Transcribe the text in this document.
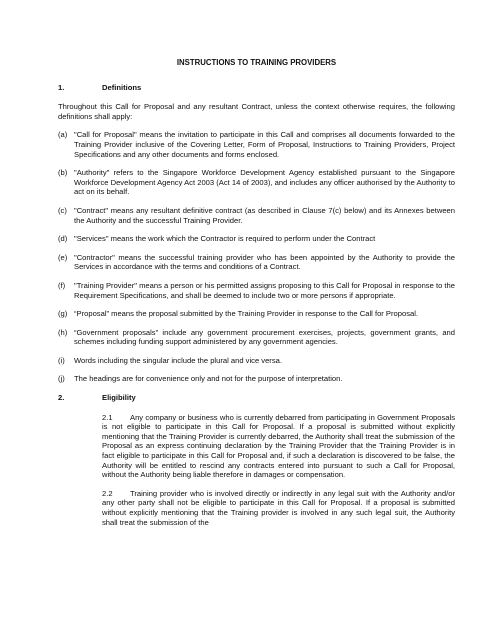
INSTRUCTIONS TO TRAINING PROVIDERS
1.	Definitions
Throughout this Call for Proposal and any resultant Contract, unless the context otherwise requires, the following definitions shall apply:
(a) "Call for Proposal" means the invitation to participate in this Call and comprises all documents forwarded to the Training Provider inclusive of the Covering Letter, Form of Proposal, Instructions to Training Providers, Project Specifications and any other documents and forms enclosed.
(b) "Authority" refers to the Singapore Workforce Development Agency established pursuant to the Singapore Workforce Development Agency Act 2003 (Act 14 of 2003), and includes any officer authorised by the Authority to act on its behalf.
(c) "Contract" means any resultant definitive contract (as described in Clause 7(c) below) and its Annexes between the Authority and the successful Training Provider.
(d) "Services" means the work which the Contractor is required to perform under the Contract
(e) "Contractor" means the successful training provider who has been appointed by the Authority to provide the Services in accordance with the terms and conditions of a Contract.
(f)	"Training Provider" means a person or his permitted assigns proposing to this Call for Proposal in response to the Requirement Specifications, and shall be deemed to include two or more persons if appropriate.
(g) “Proposal” means the proposal submitted by the Training Provider in response to the Call for Proposal.
(h) “Government proposals” include any government procurement exercises, projects, government grants, and schemes including funding support administered by any government agencies.
(i)	Words including the singular include the plural and vice versa.
(j)	The headings are for convenience only and not for the purpose of interpretation.
2.	Eligibility
2.1 Any company or business who is currently debarred from participating in Government Proposals is not eligible to participate in this Call for Proposal. If a proposal is submitted without explicitly mentioning that the Training Provider is currently debarred, the Authority shall treat the submission of the Proposal as an express continuing declaration by the Training Provider that the Training Provider is in fact eligible to participate in this Call for Proposal and, if such a declaration is discovered to be false, the Authority will be entitled to rescind any contracts entered into pursuant to such a Call for Proposal, without the Authority being liable therefore in damages or compensation.
2.2 Training provider who is involved directly or indirectly in any legal suit with the Authority and/or any other party shall not be eligible to participate in this Call for Proposal. If a proposal is submitted without explicitly mentioning that the Training provider is involved in any such legal suit, the Authority shall treat the submission of the
